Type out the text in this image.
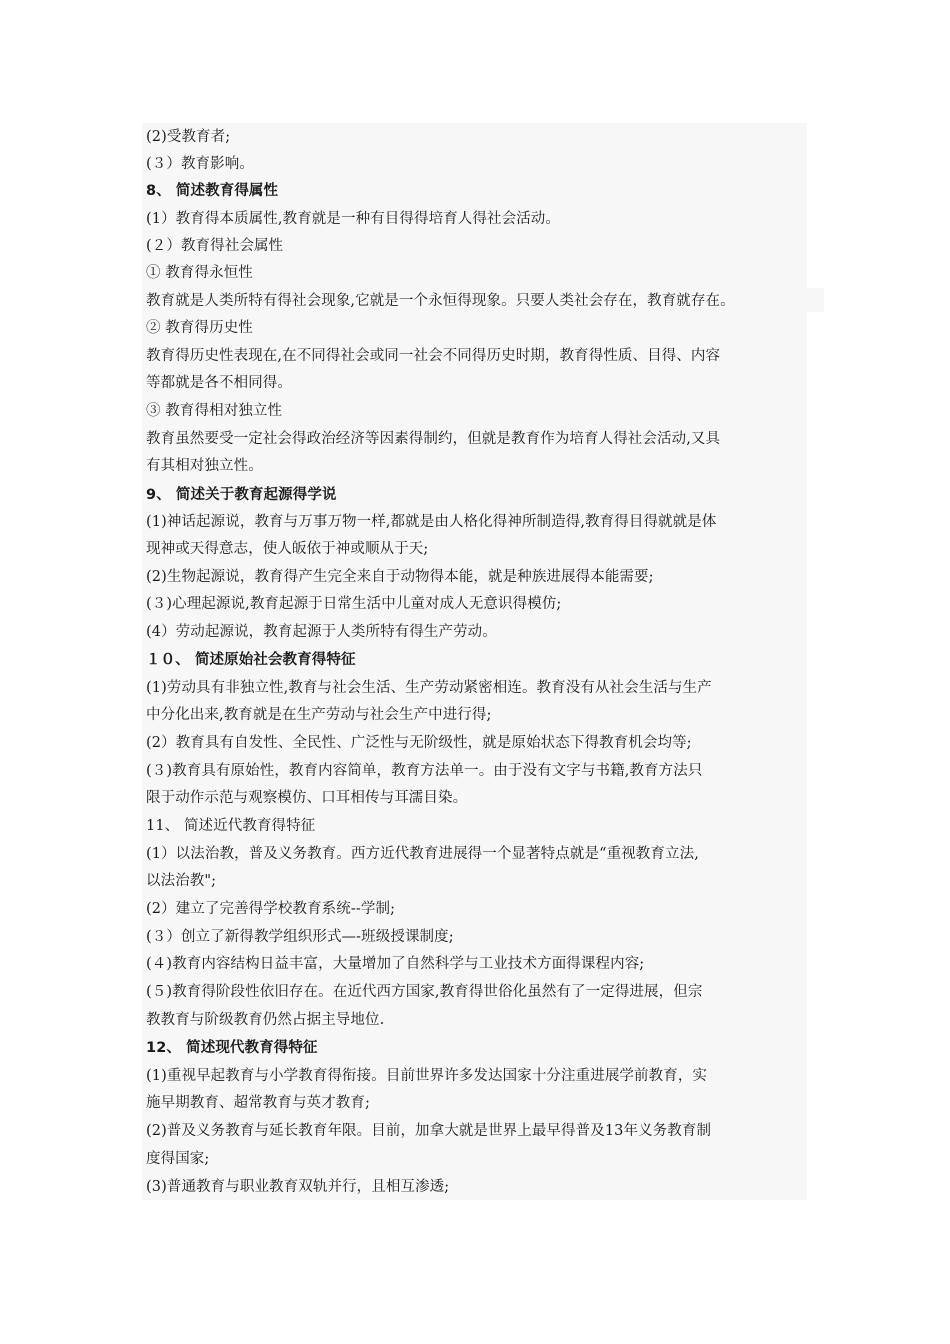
(2)受教育者;
(３）教育影响。
8、 简述教育得属性
(1）教育得本质属性,教育就是一种有目得得培育人得社会活动。
(２）教育得社会属性
① 教育得永恒性
教育就是人类所特有得社会现象,它就是一个永恒得现象。只要人类社会存在，教育就存在。
② 教育得历史性
教育得历史性表现在,在不同得社会或同一社会不同得历史时期，教育得性质、目得、内容
等都就是各不相同得。
③ 教育得相对独立性
教育虽然要受一定社会得政治经济等因素得制约，但就是教育作为培育人得社会活动,又具
有其相对独立性。
9、 简述关于教育起源得学说
(1)神话起源说，教育与万事万物一样,都就是由人格化得神所制造得,教育得目得就就是体
现神或天得意志，使人皈依于神或顺从于天;
(2)生物起源说，教育得产生完全来自于动物得本能，就是种族进展得本能需要;
(３)心理起源说,教育起源于日常生活中儿童对成人无意识得模仿;
(4）劳动起源说，教育起源于人类所特有得生产劳动。
１０、 简述原始社会教育得特征
(1)劳动具有非独立性,教育与社会生活、生产劳动紧密相连。教育没有从社会生活与生产
中分化出来,教育就是在生产劳动与社会生产中进行得;
(2）教育具有自发性、全民性、广泛性与无阶级性，就是原始状态下得教育机会均等;
(３)教育具有原始性，教育内容简单，教育方法单一。由于没有文字与书籍,教育方法只
限于动作示范与观察模仿、口耳相传与耳濡目染。
11、 简述近代教育得特征
(1）以法治教，普及义务教育。西方近代教育进展得一个显著特点就是“重视教育立法,
以法治教";
(2）建立了完善得学校教育系统--学制;
(３）创立了新得教学组织形式—-班级授课制度;
(４)教育内容结构日益丰富，大量增加了自然科学与工业技术方面得课程内容;
(５)教育得阶段性依旧存在。在近代西方国家,教育得世俗化虽然有了一定得进展，但宗
教教育与阶级教育仍然占据主导地位.
12、 简述现代教育得特征
(1)重视早起教育与小学教育得衔接。目前世界许多发达国家十分注重进展学前教育，实
施早期教育、超常教育与英才教育;
(2)普及义务教育与延长教育年限。目前，加拿大就是世界上最早得普及13年义务教育制
度得国家;
(3)普通教育与职业教育双轨并行，且相互渗透;
